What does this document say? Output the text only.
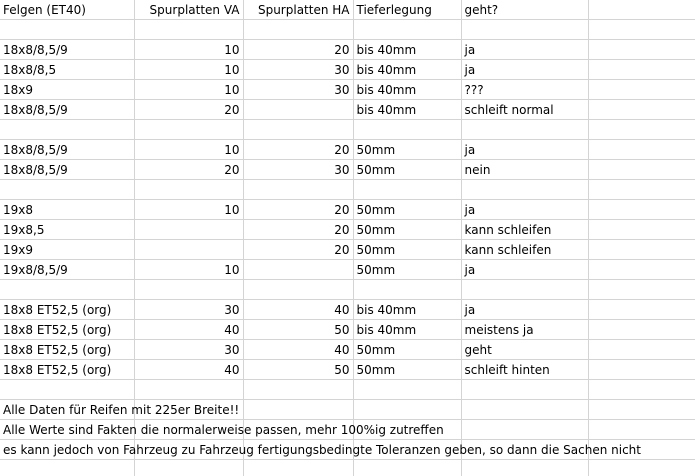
Felgen (ET40)	Spurplatten VA	Spurplatten HA	Tieferlegung	geht?		

18x8/8,5/9	10	20	bis 40mm	ja		
18x8/8,5	10	30	bis 40mm	ja		
18x9	10	30	bis 40mm	???		
18x8/8,5/9	20		bis 40mm	schleift normal		

18x8/8,5/9	10	20	50mm	ja		
18x8/8,5/9	20	30	50mm	nein		

19x8	10	20	50mm	ja		
19x8,5		20	50mm	kann schleifen		
19x9		20	50mm	kann schleifen		
19x8/8,5/9	10		50mm	ja		

18x8 ET52,5 (org)	30	40	bis 40mm	ja		
18x8 ET52,5 (org)	40	50	bis 40mm	meistens ja		
18x8 ET52,5 (org)	30	40	50mm	geht		
18x8 ET52,5 (org)	40	50	50mm	schleift hinten		

Alle Daten für Reifen mit 225er Breite!!						
Alle Werte sind Fakten die normalerweise passen, mehr 100%ig zutreffen						
es kann jedoch von Fahrzeug zu Fahrzeug fertigungsbedingte Toleranzen geben, so dann die Sachen nicht						
